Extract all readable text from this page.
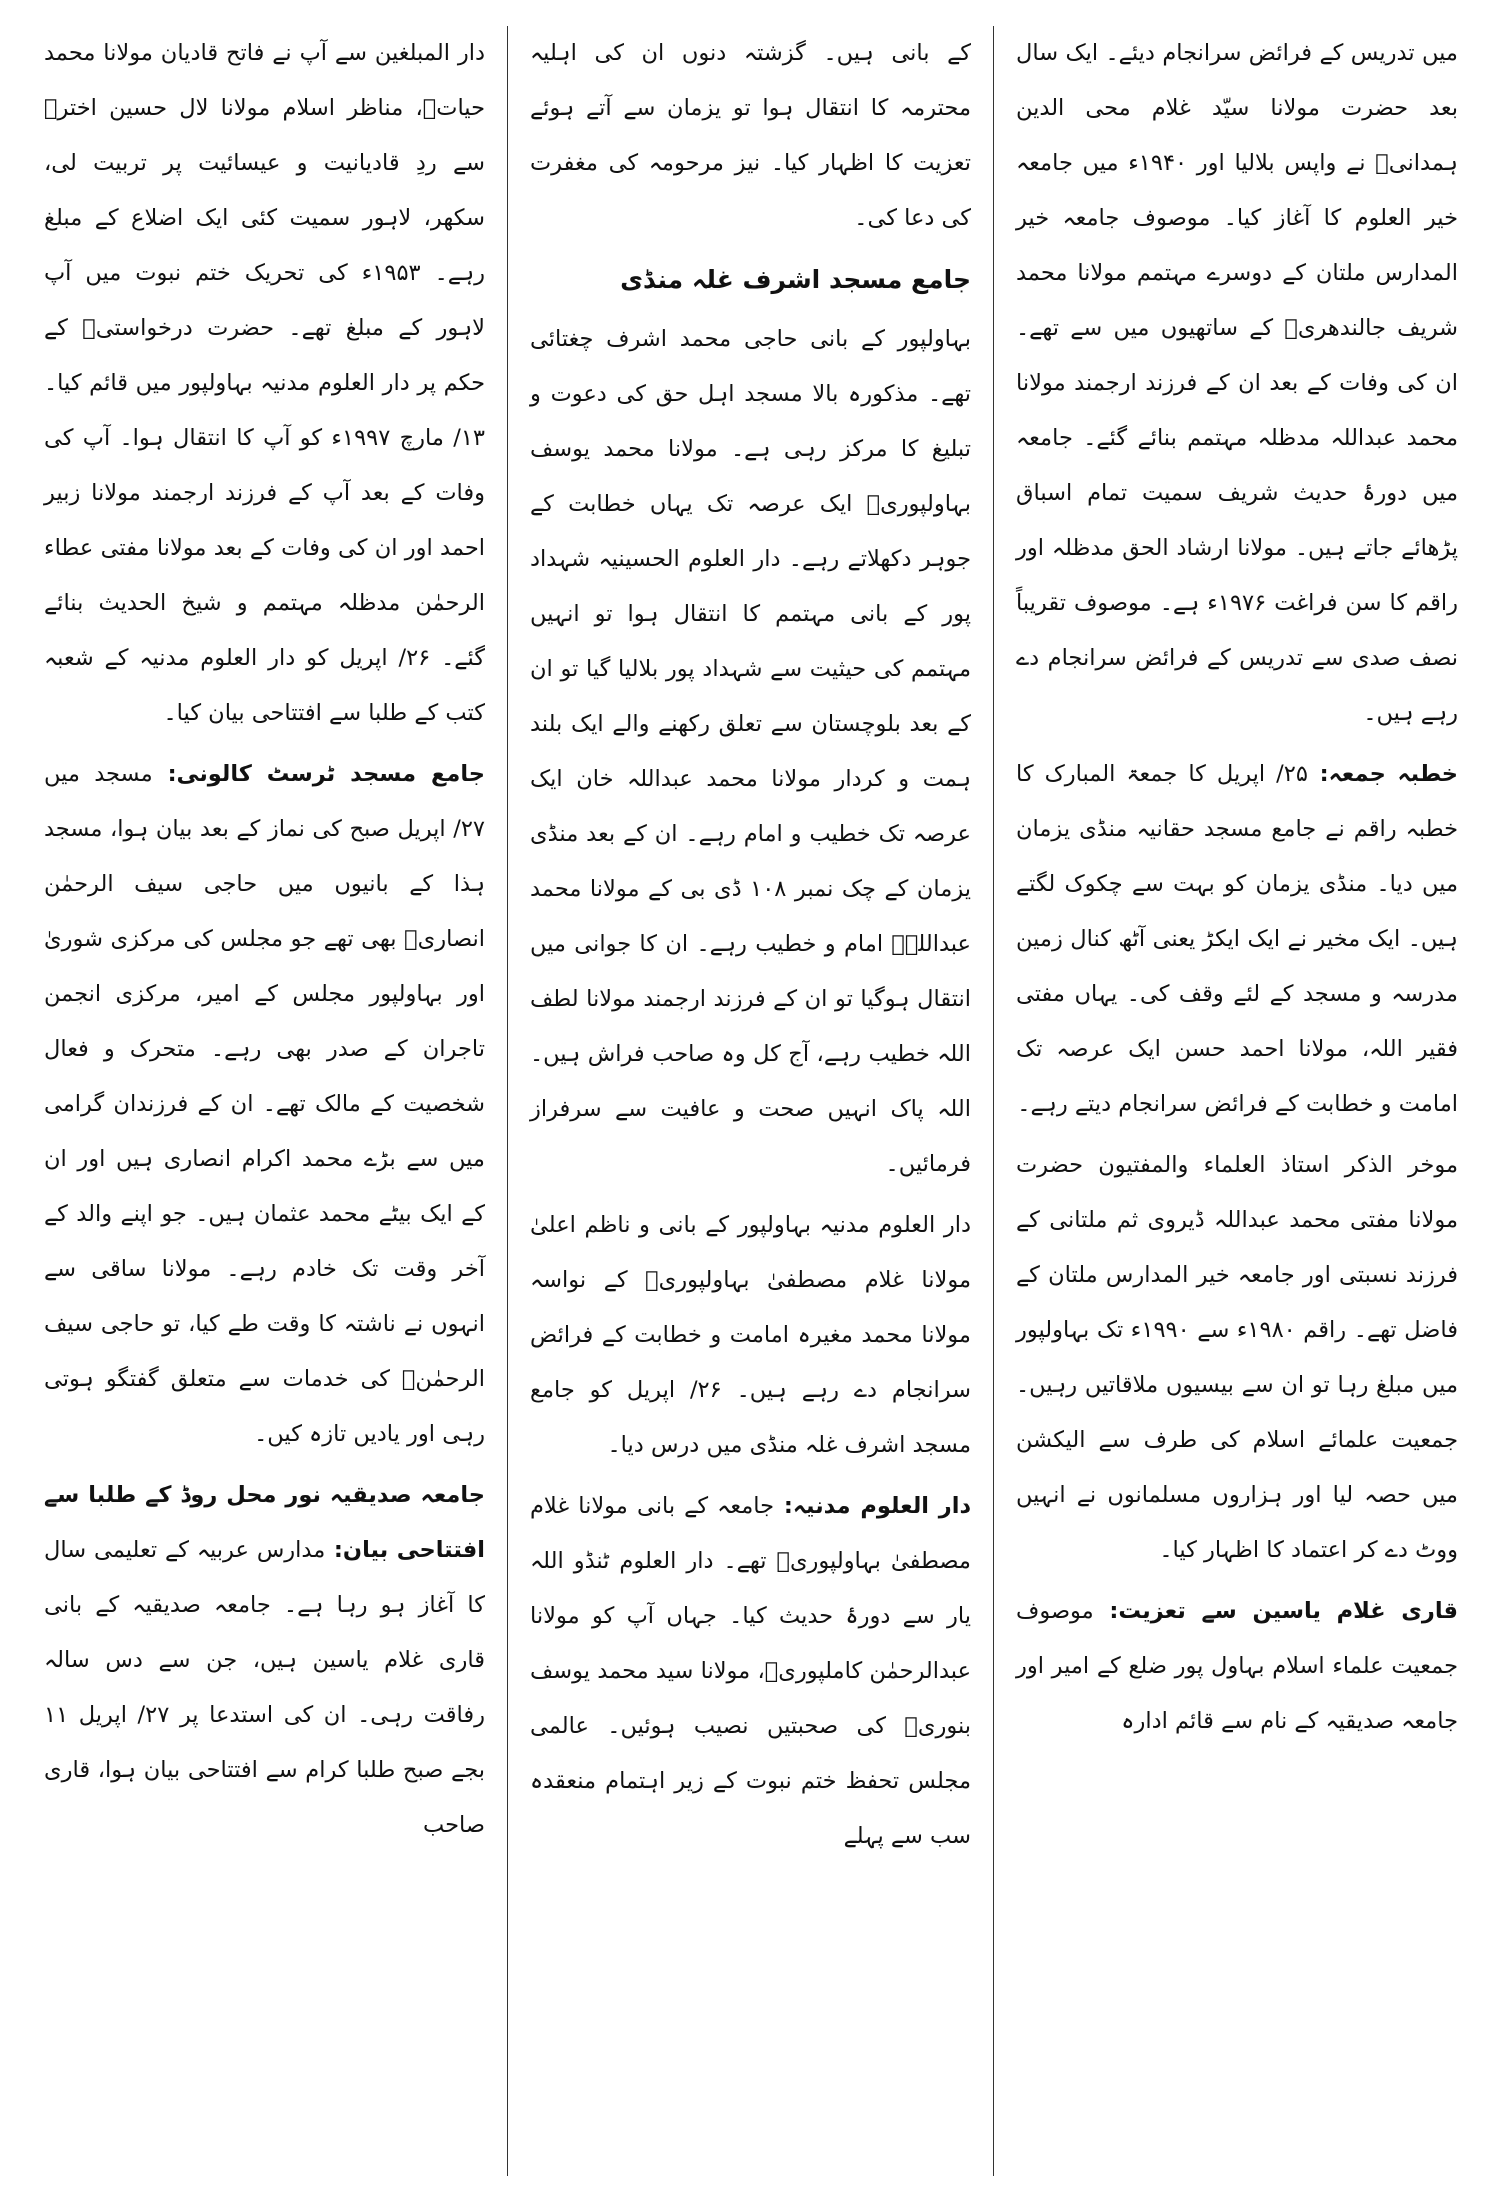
میں تدریس کے فرائض سرانجام دیئے۔ ایک سال بعد حضرت مولانا سیّد غلام محی الدین ہمدانیؒ نے واپس بلالیا اور ۱۹۴۰ء میں جامعہ خیر العلوم کا آغاز کیا۔ موصوف جامعہ خیر المدارس ملتان کے دوسرے مہتمم مولانا محمد شریف جالندھریؒ کے ساتھیوں میں سے تھے۔ ان کی وفات کے بعد ان کے فرزند ارجمند مولانا محمد عبداللہ مدظلہ مہتمم بنائے گئے۔ جامعہ میں دورۂ حدیث شریف سمیت تمام اسباق پڑھائے جاتے ہیں۔ مولانا ارشاد الحق مدظلہ اور راقم کا سن فراغت ۱۹۷۶ء ہے۔ موصوف تقریباً نصف صدی سے تدریس کے فرائض سرانجام دے رہے ہیں۔

خطبہ جمعہ: ۲۵/ اپریل کا جمعۃ المبارک کا خطبہ راقم نے جامع مسجد حقانیہ منڈی یزمان میں دیا۔ منڈی یزمان کو بہت سے چکوک لگتے ہیں۔ ایک مخیر نے ایک ایکڑ یعنی آٹھ کنال زمین مدرسہ و مسجد کے لئے وقف کی۔ یہاں مفتی فقیر اللہ، مولانا احمد حسن ایک عرصہ تک امامت و خطابت کے فرائض سرانجام دیتے رہے۔

موخر الذکر استاذ العلماء والمفتیون حضرت مولانا مفتی محمد عبداللہ ڈیروی ثم ملتانی کے فرزند نسبتی اور جامعہ خیر المدارس ملتان کے فاضل تھے۔ راقم ۱۹۸۰ء سے ۱۹۹۰ء تک بہاولپور میں مبلغ رہا تو ان سے بیسیوں ملاقاتیں رہیں۔ جمعیت علمائے اسلام کی طرف سے الیکشن میں حصہ لیا اور ہزاروں مسلمانوں نے انہیں ووٹ دے کر اعتماد کا اظہار کیا۔

قاری غلام یاسین سے تعزیت: موصوف جمعیت علماء اسلام بہاول پور ضلع کے امیر اور جامعہ صدیقیہ کے نام سے قائم ادارہ

کے بانی ہیں۔ گزشتہ دنوں ان کی اہلیہ محترمہ کا انتقال ہوا تو یزمان سے آتے ہوئے تعزیت کا اظہار کیا۔ نیز مرحومہ کی مغفرت کی دعا کی۔

جامع مسجد اشرف غلہ منڈی

بہاولپور کے بانی حاجی محمد اشرف چغتائی تھے۔ مذکورہ بالا مسجد اہل حق کی دعوت و تبلیغ کا مرکز رہی ہے۔ مولانا محمد یوسف بہاولپوریؒ ایک عرصہ تک یہاں خطابت کے جوہر دکھلاتے رہے۔ دار العلوم الحسینیہ شہداد پور کے بانی مہتمم کا انتقال ہوا تو انہیں مہتمم کی حیثیت سے شہداد پور بلالیا گیا تو ان کے بعد بلوچستان سے تعلق رکھنے والے ایک بلند ہمت و کردار مولانا محمد عبداللہ خان ایک عرصہ تک خطیب و امام رہے۔ ان کے بعد منڈی یزمان کے چک نمبر ۱۰۸ ڈی بی کے مولانا محمد عبداللہؒ امام و خطیب رہے۔ ان کا جوانی میں انتقال ہوگیا تو ان کے فرزند ارجمند مولانا لطف اللہ خطیب رہے، آج کل وہ صاحب فراش ہیں۔ اللہ پاک انہیں صحت و عافیت سے سرفراز فرمائیں۔

دار العلوم مدنیہ بہاولپور کے بانی و ناظم اعلیٰ مولانا غلام مصطفیٰ بہاولپوریؒ کے نواسہ مولانا محمد مغیرہ امامت و خطابت کے فرائض سرانجام دے رہے ہیں۔ ۲۶/ اپریل کو جامع مسجد اشرف غلہ منڈی میں درس دیا۔

دار العلوم مدنیہ: جامعہ کے بانی مولانا غلام مصطفیٰ بہاولپوریؒ تھے۔ دار العلوم ٹنڈو اللہ یار سے دورۂ حدیث کیا۔ جہاں آپ کو مولانا عبدالرحمٰن کاملپوریؒ، مولانا سید محمد یوسف بنوریؒ کی صحبتیں نصیب ہوئیں۔ عالمی مجلس تحفظ ختم نبوت کے زیر اہتمام منعقدہ سب سے پہلے

دار المبلغین سے آپ نے فاتح قادیان مولانا محمد حیاتؒ، مناظر اسلام مولانا لال حسین اخترؒ سے ردِ قادیانیت و عیسائیت پر تربیت لی، سکھر، لاہور سمیت کئی ایک اضلاع کے مبلغ رہے۔ ۱۹۵۳ء کی تحریک ختم نبوت میں آپ لاہور کے مبلغ تھے۔ حضرت درخواستیؒ کے حکم پر دار العلوم مدنیہ بہاولپور میں قائم کیا۔ ۱۳/ مارچ ۱۹۹۷ء کو آپ کا انتقال ہوا۔ آپ کی وفات کے بعد آپ کے فرزند ارجمند مولانا زبیر احمد اور ان کی وفات کے بعد مولانا مفتی عطاء الرحمٰن مدظلہ مہتمم و شیخ الحدیث بنائے گئے۔ ۲۶/ اپریل کو دار العلوم مدنیہ کے شعبہ کتب کے طلبا سے افتتاحی بیان کیا۔

جامع مسجد ٹرسٹ کالونی: مسجد میں ۲۷/ اپریل صبح کی نماز کے بعد بیان ہوا، مسجد ہذا کے بانیوں میں حاجی سیف الرحمٰن انصاریؒ بھی تھے جو مجلس کی مرکزی شوریٰ اور بہاولپور مجلس کے امیر، مرکزی انجمن تاجران کے صدر بھی رہے۔ متحرک و فعال شخصیت کے مالک تھے۔ ان کے فرزندان گرامی میں سے بڑے محمد اکرام انصاری ہیں اور ان کے ایک بیٹے محمد عثمان ہیں۔ جو اپنے والد کے آخر وقت تک خادم رہے۔ مولانا ساقی سے انہوں نے ناشتہ کا وقت طے کیا، تو حاجی سیف الرحمٰنؒ کی خدمات سے متعلق گفتگو ہوتی رہی اور یادیں تازہ کیں۔

جامعہ صدیقیہ نور محل روڈ کے طلبا سے افتتاحی بیان: مدارس عربیہ کے تعلیمی سال کا آغاز ہو رہا ہے۔ جامعہ صدیقیہ کے بانی قاری غلام یاسین ہیں، جن سے دس سالہ رفاقت رہی۔ ان کی استدعا پر ۲۷/ اپریل ۱۱ بجے صبح طلبا کرام سے افتتاحی بیان ہوا، قاری صاحب
